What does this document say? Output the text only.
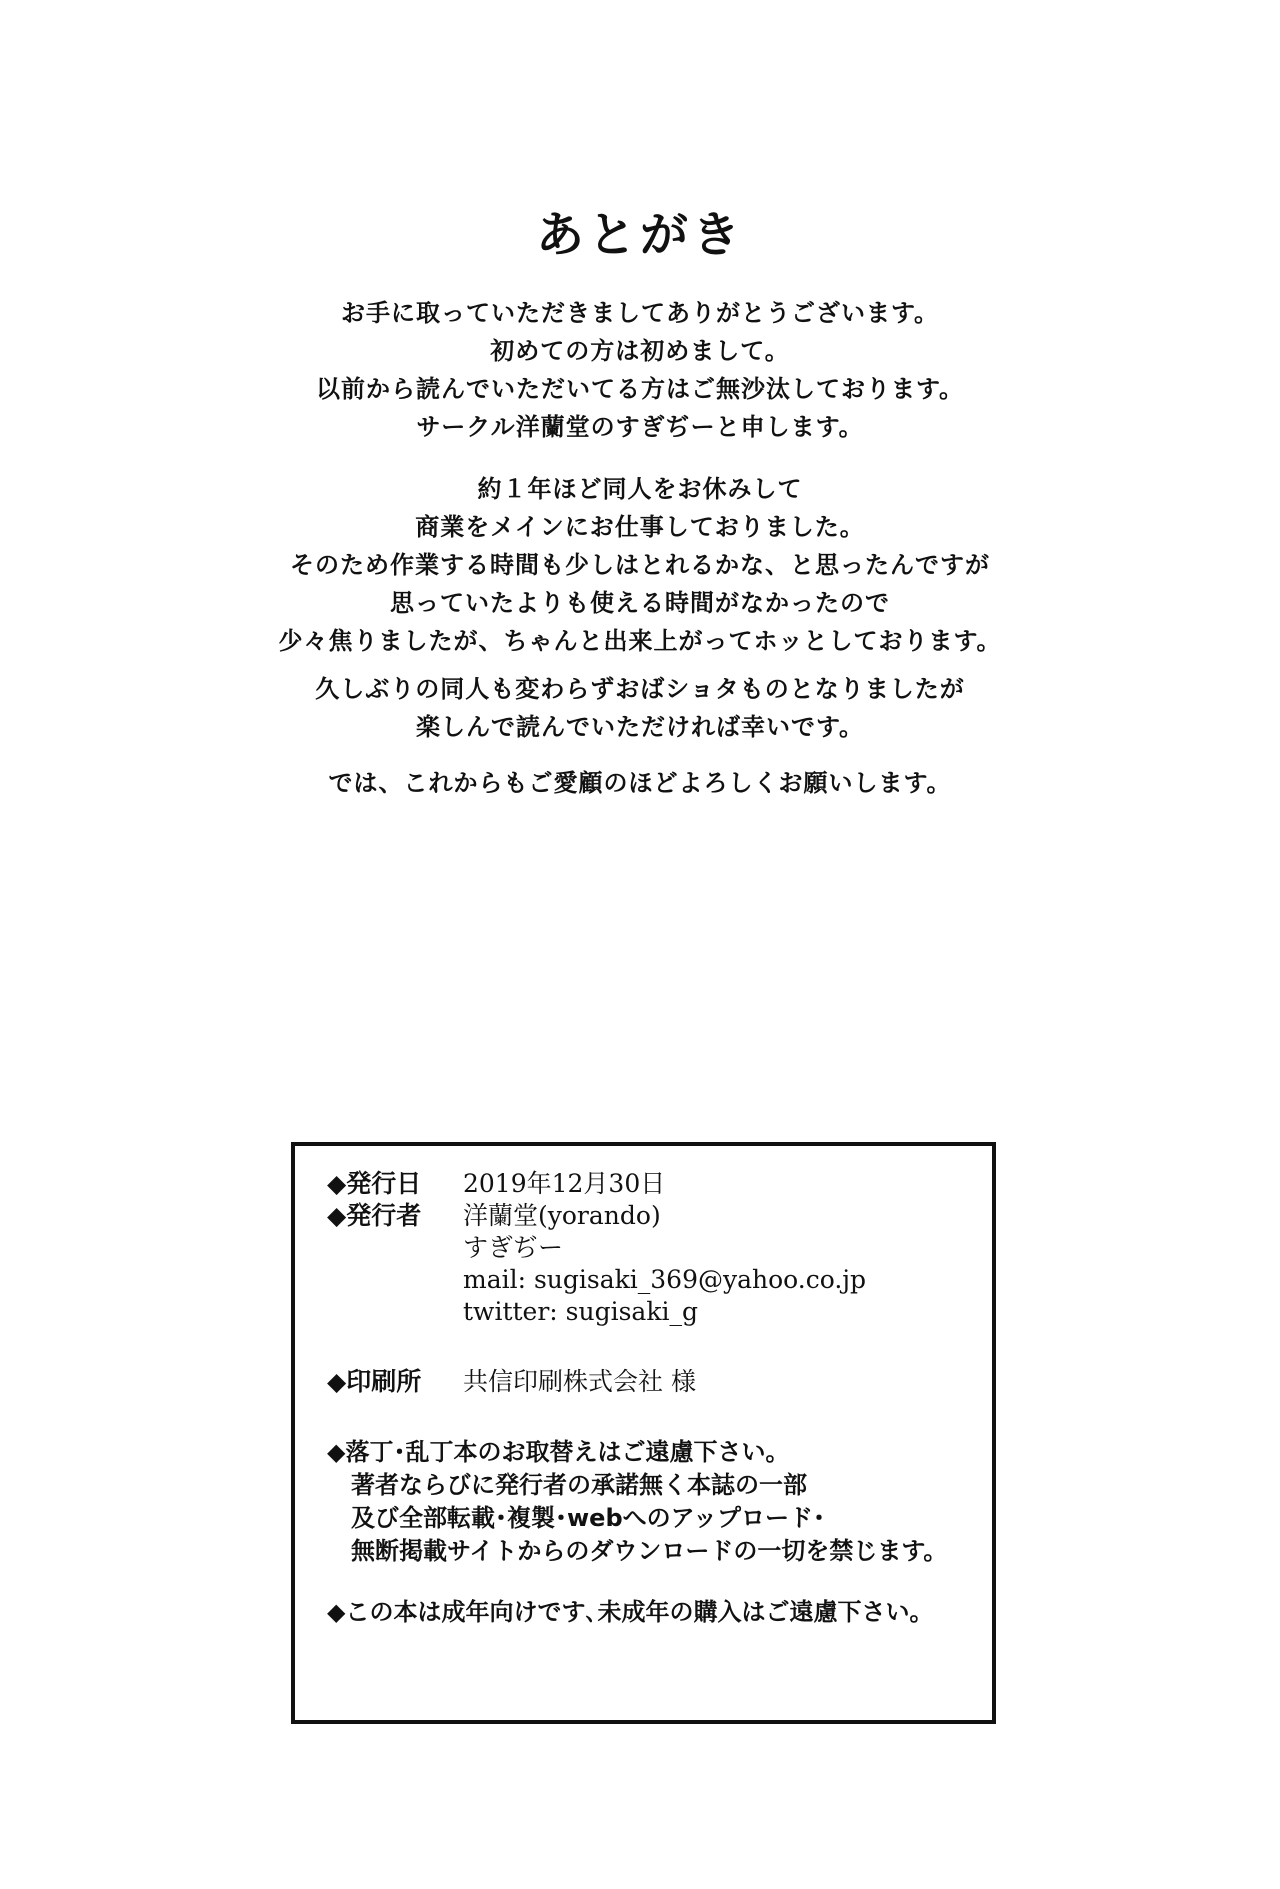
あとがき
お手に取っていただきましてありがとうございます。
初めての方は初めまして。
以前から読んでいただいてる方はご無沙汰しております。
サークル洋蘭堂のすぎぢーと申します。
約１年ほど同人をお休みして
商業をメインにお仕事しておりました。
そのため作業する時間も少しはとれるかな、と思ったんですが
思っていたよりも使える時間がなかったので
少々焦りましたが、ちゃんと出来上がってホッとしております。
久しぶりの同人も変わらずおばショタものとなりましたが
楽しんで読んでいただければ幸いです。
では、これからもご愛顧のほどよろしくお願いします。
◆発行日	2019年12月30日
◆発行者	洋蘭堂(yorando)
すぎぢー
mail: sugisaki_369@yahoo.co.jp
twitter: sugisaki_g
◆印刷所	共信印刷株式会社 様
◆落丁･乱丁本のお取替えはご遠慮下さい。
著者ならびに発行者の承諾無く本誌の一部
及び全部転載･複製･webへのアップロード･
無断掲載サイトからのダウンロードの一切を禁じます。
◆この本は成年向けです､未成年の購入はご遠慮下さい。
